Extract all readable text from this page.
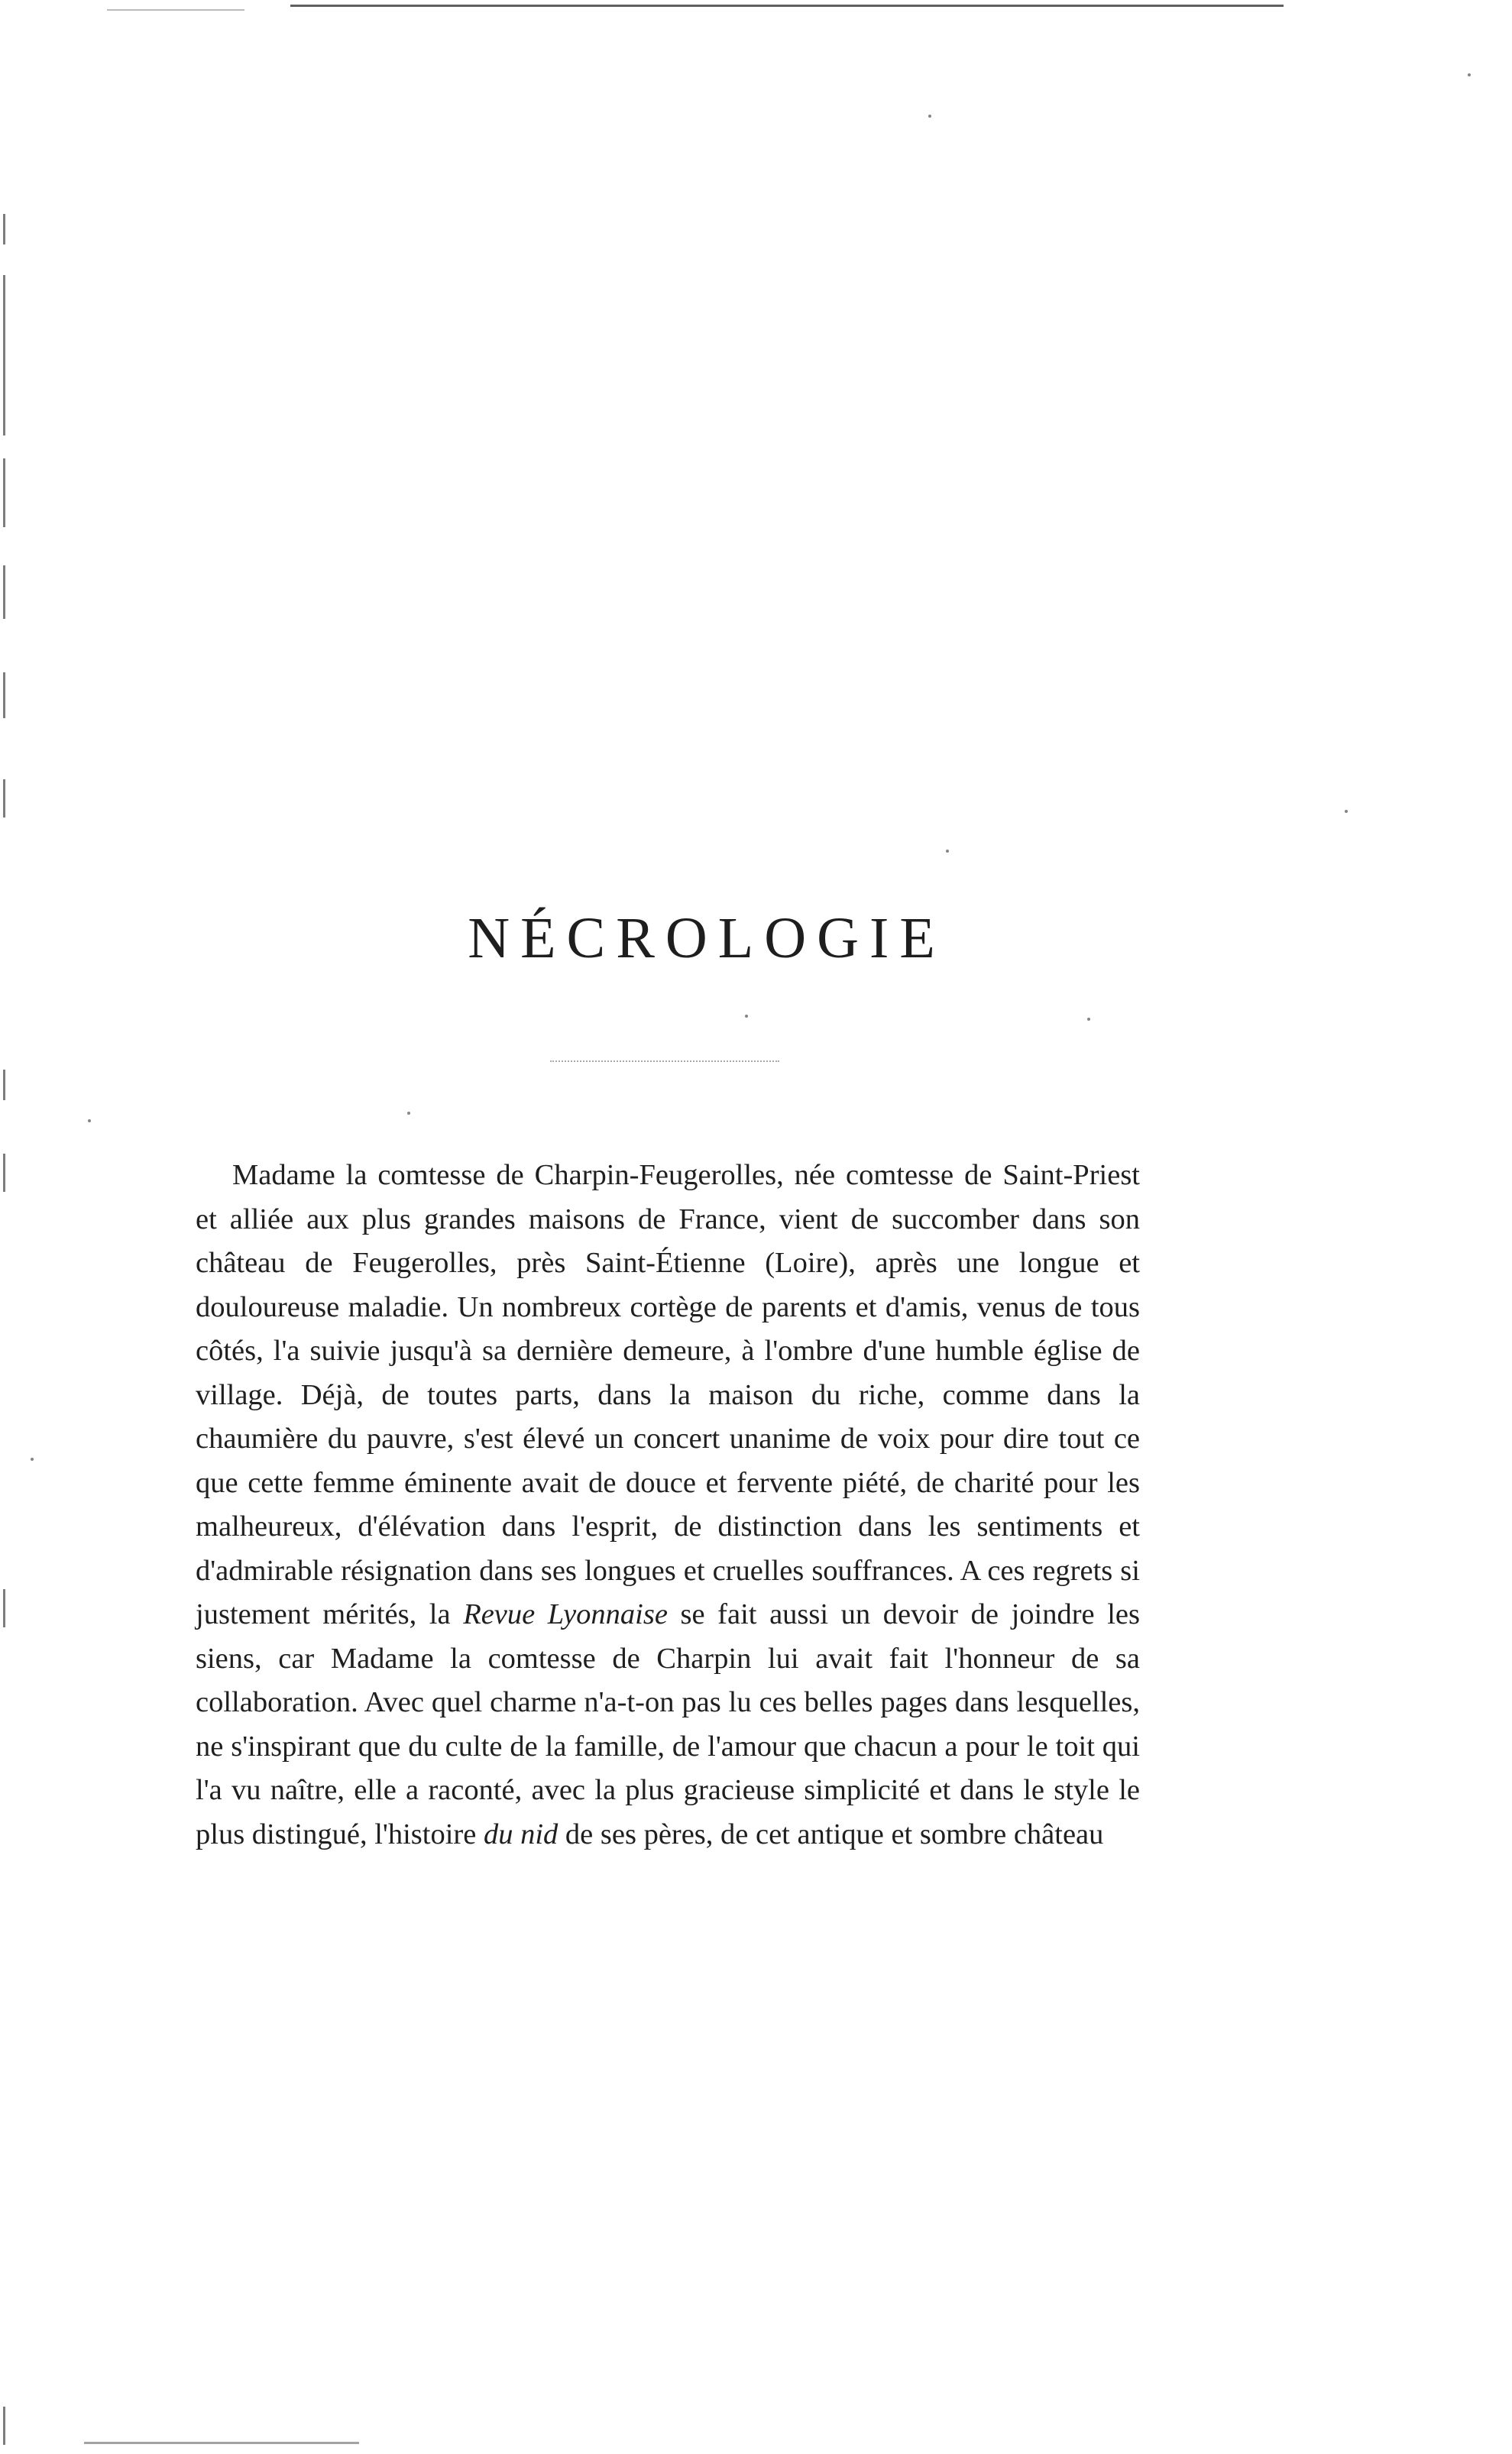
NÉCROLOGIE

Madame la comtesse de Charpin-Feugerolles, née comtesse de Saint-Priest et alliée aux plus grandes maisons de France, vient de succomber dans son château de Feugerolles, près Saint-Étienne (Loire), après une longue et douloureuse maladie. Un nombreux cortège de parents et d'amis, venus de tous côtés, l'a suivie jusqu'à sa dernière demeure, à l'ombre d'une humble église de village. Déjà, de toutes parts, dans la maison du riche, comme dans la chaumière du pauvre, s'est élevé un concert unanime de voix pour dire tout ce que cette femme éminente avait de douce et fervente piété, de charité pour les malheureux, d'élévation dans l'esprit, de distinction dans les sentiments et d'admirable résignation dans ses longues et cruelles souffrances. A ces regrets si justement mérités, la Revue Lyonnaise se fait aussi un devoir de joindre les siens, car Madame la comtesse de Charpin lui avait fait l'honneur de sa collaboration. Avec quel charme n'a-t-on pas lu ces belles pages dans lesquelles, ne s'inspirant que du culte de la famille, de l'amour que chacun a pour le toit qui l'a vu naître, elle a raconté, avec la plus gracieuse simplicité et dans le style le plus distingué, l'histoire du nid de ses pères, de cet antique et sombre château
